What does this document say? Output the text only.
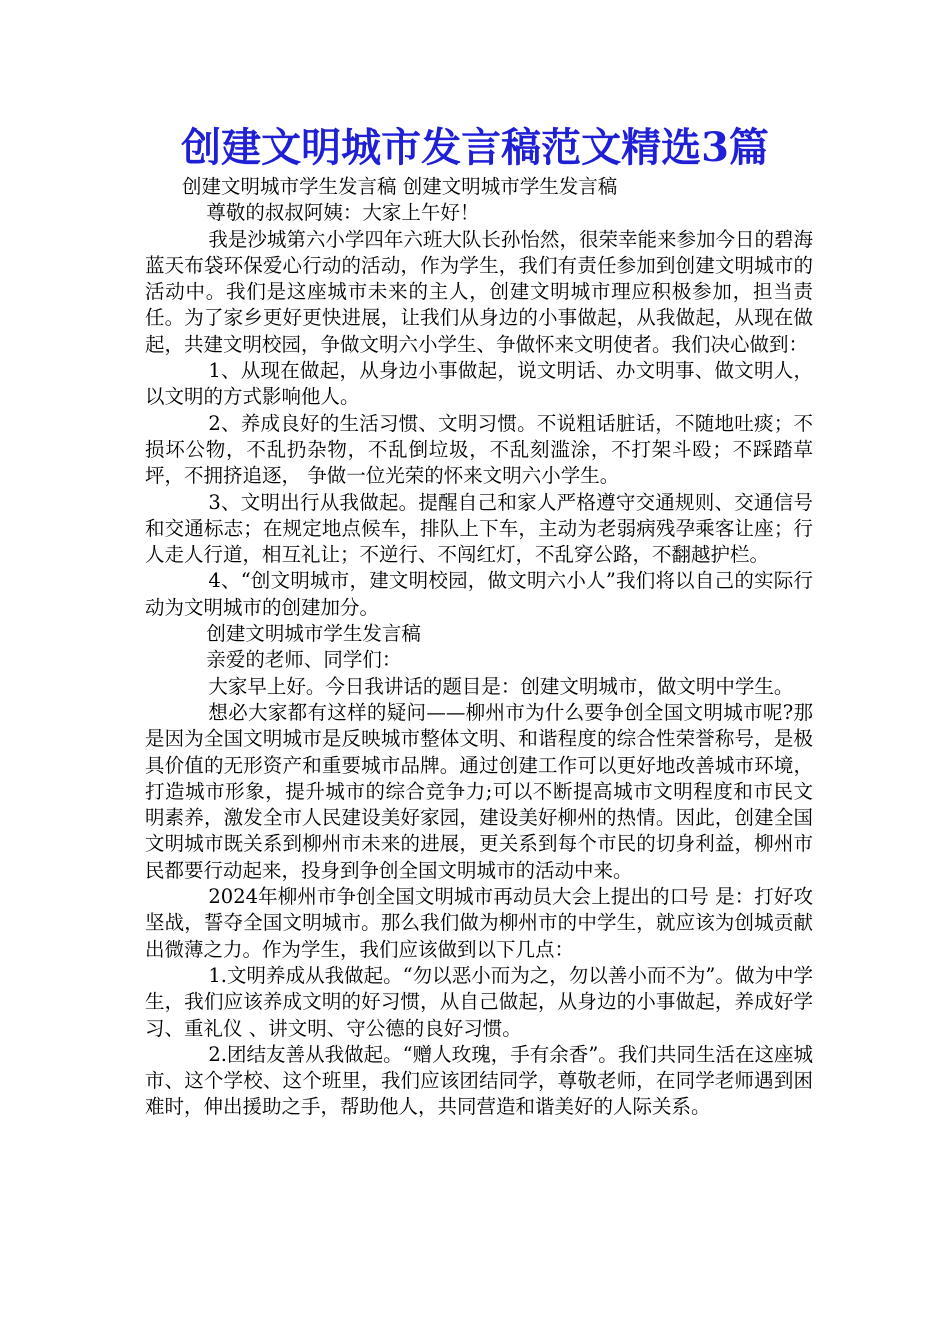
创建文明城市发言稿范文精选3篇

创建文明城市学生发言稿 创建文明城市学生发言稿

尊敬的叔叔阿姨：大家上午好！

我是沙城第六小学四年六班大队长孙怡然，很荣幸能来参加今日的碧海蓝天布袋环保爱心行动的活动，作为学生，我们有责任参加到创建文明城市的活动中。我们是这座城市未来的主人，创建文明城市理应积极参加，担当责任。为了家乡更好更快进展，让我们从身边的小事做起，从我做起，从现在做起，共建文明校园，争做文明六小学生、争做怀来文明使者。我们决心做到：

1、从现在做起，从身边小事做起，说文明话、办文明事、做文明人，以文明的方式影响他人。

2、养成良好的生活习惯、文明习惯。不说粗话脏话，不随地吐痰；不损坏公物，不乱扔杂物，不乱倒垃圾，不乱刻滥涂，不打架斗殴；不踩踏草坪，不拥挤追逐， 争做一位光荣的怀来文明六小学生。

3、文明出行从我做起。提醒自己和家人严格遵守交通规则、交通信号和交通标志；在规定地点候车，排队上下车，主动为老弱病残孕乘客让座；行人走人行道，相互礼让；不逆行、不闯红灯，不乱穿公路，不翻越护栏。

4、“创文明城市，建文明校园，做文明六小人”我们将以自己的实际行动为文明城市的创建加分。

创建文明城市学生发言稿

亲爱的老师、同学们：

大家早上好。今日我讲话的题目是：创建文明城市，做文明中学生。

想必大家都有这样的疑问——柳州市为什么要争创全国文明城市呢?那是因为全国文明城市是反映城市整体文明、和谐程度的综合性荣誉称号，是极具价值的无形资产和重要城市品牌。通过创建工作可以更好地改善城市环境，打造城市形象，提升城市的综合竞争力;可以不断提高城市文明程度和市民文明素养，激发全市人民建设美好家园，建设美好柳州的热情。因此，创建全国文明城市既关系到柳州市未来的进展，更关系到每个市民的切身利益，柳州市民都要行动起来，投身到争创全国文明城市的活动中来。

2024年柳州市争创全国文明城市再动员大会上提出的口号 是：打好攻坚战，誓夺全国文明城市。那么我们做为柳州市的中学生，就应该为创城贡献出微薄之力。作为学生，我们应该做到以下几点：

1.文明养成从我做起。“勿以恶小而为之，勿以善小而不为”。做为中学生，我们应该养成文明的好习惯，从自己做起，从身边的小事做起，养成好学习、重礼仪 、讲文明、守公德的良好习惯。

2.团结友善从我做起。“赠人玫瑰，手有余香”。我们共同生活在这座城市、这个学校、这个班里，我们应该团结同学，尊敬老师，在同学老师遇到困难时，伸出援助之手，帮助他人，共同营造和谐美好的人际关系。
